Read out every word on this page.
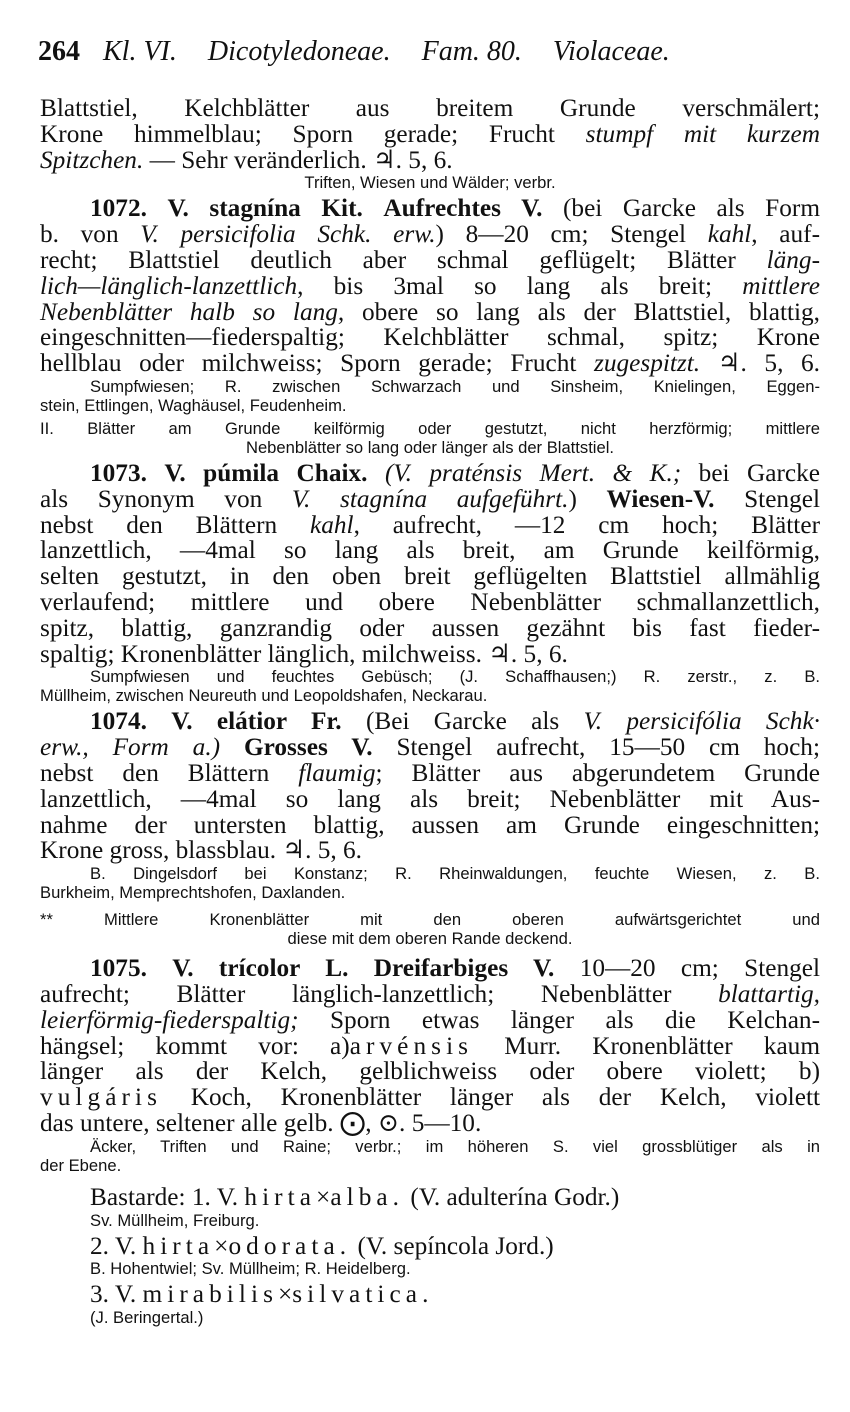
264 Kl. VI. Dicotyledoneae. Fam. 80. Violaceae.
Blattstiel, Kelchblätter aus breitem Grunde verschmälert;
Krone himmelblau; Sporn gerade; Frucht stumpf mit kurzem
Spitzchen. — Sehr veränderlich. ♃. 5, 6.
Triften, Wiesen und Wälder; verbr.
1072. V. stagnína Kit. Aufrechtes V. (bei Garcke als Form
b. von V. persicifolia Schk. erw.) 8—20 cm; Stengel kahl, auf-
recht; Blattstiel deutlich aber schmal geflügelt; Blätter läng-
lich—länglich-lanzettlich, bis 3mal so lang als breit; mittlere
Nebenblätter halb so lang, obere so lang als der Blattstiel, blattig,
eingeschnitten—fiederspaltig; Kelchblätter schmal, spitz; Krone
hellblau oder milchweiss; Sporn gerade; Frucht zugespitzt. ♃. 5, 6.
Sumpfwiesen; R. zwischen Schwarzach und Sinsheim, Knielingen, Eggen-
stein, Ettlingen, Waghäusel, Feudenheim.
II. Blätter am Grunde keilförmig oder gestutzt, nicht herzförmig; mittlere
Nebenblätter so lang oder länger als der Blattstiel.
1073. V. púmila Chaix. (V. praténsis Mert. & K.; bei Garcke
als Synonym von V. stagnína aufgeführt.) Wiesen-V. Stengel
nebst den Blättern kahl, aufrecht, —12 cm hoch; Blätter
lanzettlich, —4mal so lang als breit, am Grunde keilförmig,
selten gestutzt, in den oben breit geflügelten Blattstiel allmählig
verlaufend; mittlere und obere Nebenblätter schmallanzettlich,
spitz, blattig, ganzrandig oder aussen gezähnt bis fast fieder-
spaltig; Kronenblätter länglich, milchweiss. ♃. 5, 6.
Sumpfwiesen und feuchtes Gebüsch; (J. Schaffhausen;) R. zerstr., z. B.
Müllheim, zwischen Neureuth und Leopoldshafen, Neckarau.
1074. V. elátior Fr. (Bei Garcke als V. persicifólia Schk·
erw., Form a.) Grosses V. Stengel aufrecht, 15—50 cm hoch;
nebst den Blättern flaumig; Blätter aus abgerundetem Grunde
lanzettlich, —4mal so lang als breit; Nebenblätter mit Aus-
nahme der untersten blattig, aussen am Grunde eingeschnitten;
Krone gross, blassblau. ♃. 5, 6.
B. Dingelsdorf bei Konstanz; R. Rheinwaldungen, feuchte Wiesen, z. B.
Burkheim, Memprechtshofen, Daxlanden.
** Mittlere Kronenblätter mit den oberen aufwärtsgerichtet und
diese mit dem oberen Rande deckend.
1075. V. trícolor L. Dreifarbiges V. 10—20 cm; Stengel
aufrecht; Blätter länglich-lanzettlich; Nebenblätter blattartig,
leierförmig-fiederspaltig; Sporn etwas länger als die Kelchan-
hängsel; kommt vor: a)arvénsis Murr. Kronenblätter kaum
länger als der Kelch, gelblichweiss oder obere violett; b)
vulgáris Koch, Kronenblätter länger als der Kelch, violett
das untere, seltener alle gelb. ⨀, ⊙. 5—10.
Äcker, Triften und Raine; verbr.; im höheren S. viel grossblütiger als in
der Ebene.
Bastarde: 1. V. hirta×alba. (V. adulterína Godr.)
Sv. Müllheim, Freiburg.
2. V. hirta×odorata. (V. sepíncola Jord.)
B. Hohentwiel; Sv. Müllheim; R. Heidelberg.
3. V. mirabilis×silvatica.
(J. Beringertal.)
